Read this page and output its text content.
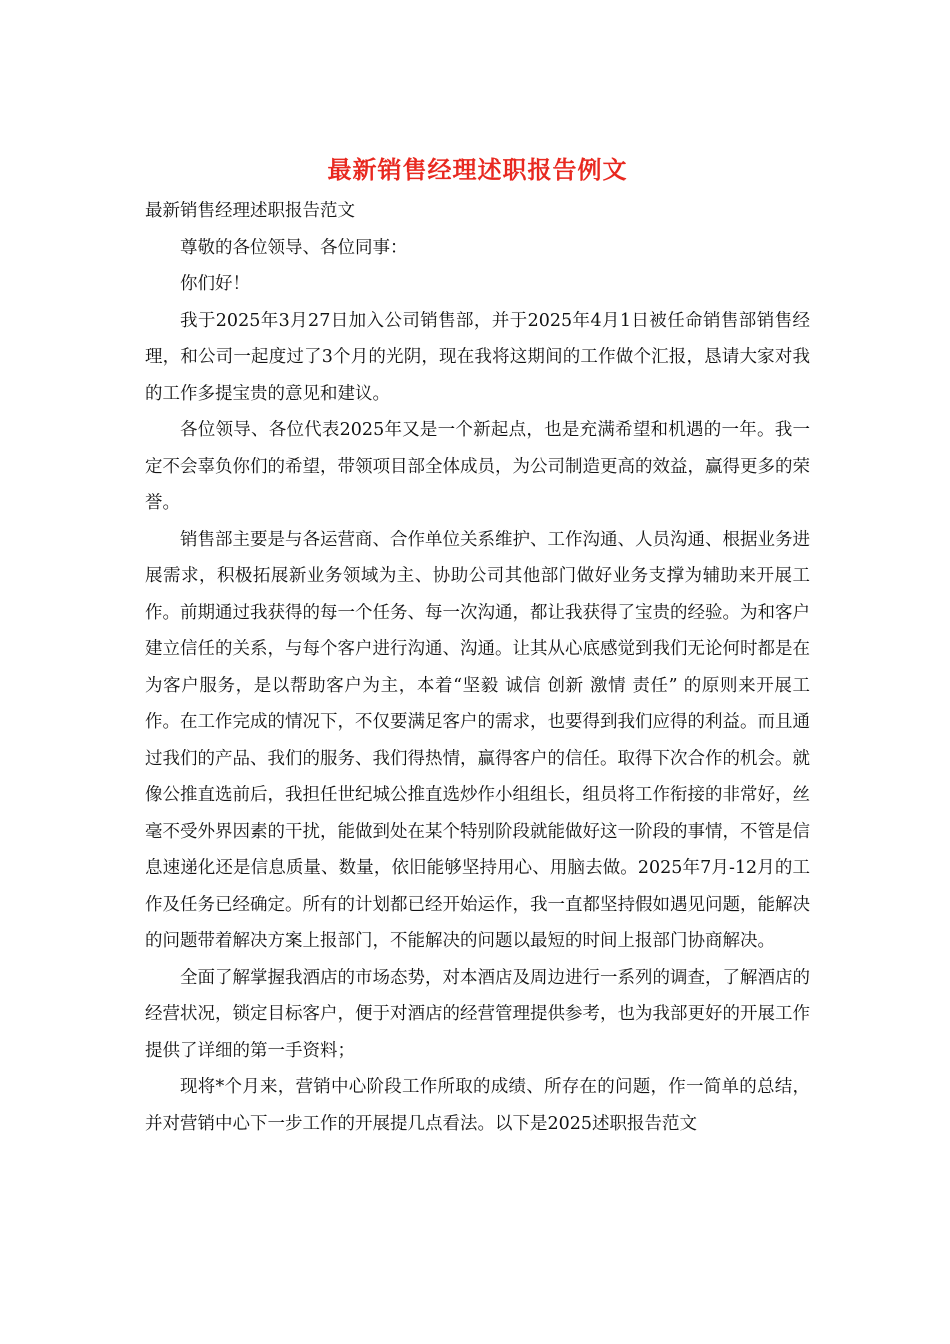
最新销售经理述职报告例文

最新销售经理述职报告范文

尊敬的各位领导、各位同事：

你们好！

我于2025年3月27日加入公司销售部，并于2025年4月1日被任命销售部销售经理，和公司一起度过了3个月的光阴，现在我将这期间的工作做个汇报，恳请大家对我的工作多提宝贵的意见和建议。

各位领导、各位代表2025年又是一个新起点，也是充满希望和机遇的一年。我一定不会辜负你们的希望，带领项目部全体成员，为公司制造更高的效益，赢得更多的荣誉。

销售部主要是与各运营商、合作单位关系维护、工作沟通、人员沟通、根据业务进展需求，积极拓展新业务领域为主、协助公司其他部门做好业务支撑为辅助来开展工作。前期通过我获得的每一个任务、每一次沟通，都让我获得了宝贵的经验。为和客户建立信任的关系，与每个客户进行沟通、沟通。让其从心底感觉到我们无论何时都是在为客户服务，是以帮助客户为主，本着“坚毅 诚信 创新 激情 责任” 的原则来开展工作。在工作完成的情况下，不仅要满足客户的需求，也要得到我们应得的利益。而且通过我们的产品、我们的服务、我们得热情，赢得客户的信任。取得下次合作的机会。就像公推直选前后，我担任世纪城公推直选炒作小组组长，组员将工作衔接的非常好，丝毫不受外界因素的干扰，能做到处在某个特别阶段就能做好这一阶段的事情，不管是信息速递化还是信息质量、数量，依旧能够坚持用心、用脑去做。2025年7月-12月的工作及任务已经确定。所有的计划都已经开始运作，我一直都坚持假如遇见问题，能解决的问题带着解决方案上报部门，不能解决的问题以最短的时间上报部门协商解决。

全面了解掌握我酒店的市场态势，对本酒店及周边进行一系列的调查，了解酒店的经营状况，锁定目标客户，便于对酒店的经营管理提供参考，也为我部更好的开展工作提供了详细的第一手资料；

现将*个月来，营销中心阶段工作所取的成绩、所存在的问题，作一简单的总结，并对营销中心下一步工作的开展提几点看法。以下是2025述职报告范文
